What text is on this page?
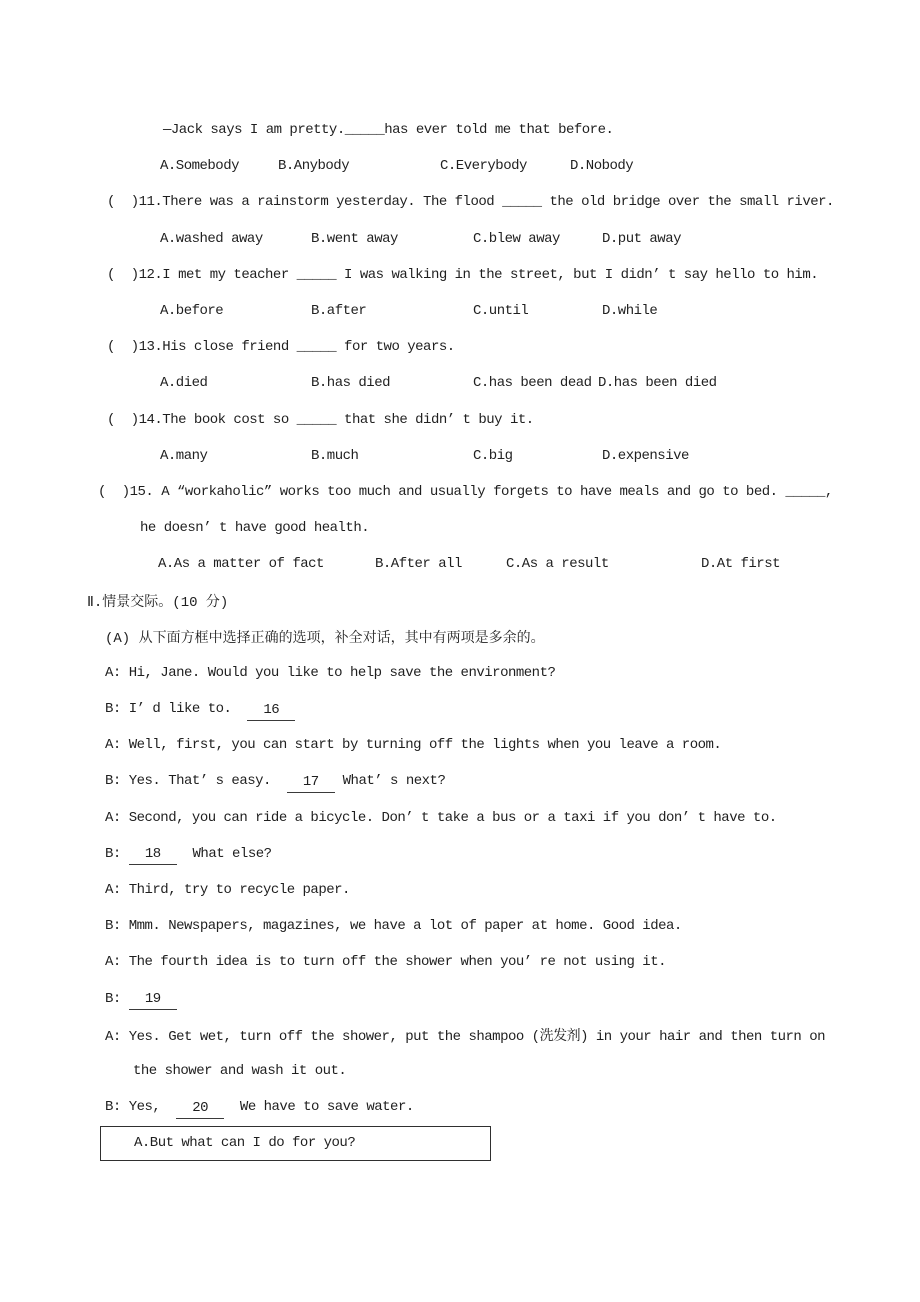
—Jack says I am pretty._____has ever told me that before.
A.Somebody	B.Anybody	C.Everybody	D.Nobody
(  )11.There was a rainstorm yesterday. The flood _____ the old bridge over the small river.
A.washed away	B.went away	C.blew away	D.put away
(  )12.I met my teacher _____ I was walking in the street, but I didn’ t say hello to him.
A.before	B.after	C.until	D.while
(  )13.His close friend _____ for two years.
A.died	B.has died	C.has been dead D.has been died
(  )14.The book cost so _____ that she didn’ t buy it.
A.many	B.much	C.big	D.expensive
(  )15. A “workaholic” works too much and usually forgets to have meals and go to bed. _____,
he doesn’ t have good health.
A.As a matter of fact	B.After all	C.As a result	D.At first
Ⅱ.情景交际。(10 分)
(A) 从下面方框中选择正确的选项，补全对话，其中有两项是多余的。
A: Hi, Jane. Would you like to help save the environment?
B: I’ d like to.	16
A: Well, first, you can start by turning off the lights when you leave a room.
B: Yes. That’ s easy.	17	What’ s next?
A: Second, you can ride a bicycle. Don’ t take a bus or a taxi if you don’ t have to.
B:	18	What else?
A: Third, try to recycle paper.
B: Mmm. Newspapers, magazines, we have a lot of paper at home. Good idea.
A: The fourth idea is to turn off the shower when you’ re not using it.
B:	19
A: Yes. Get wet, turn off the shower, put the shampoo (洗发剂) in your hair and then turn on
the shower and wash it out.
B: Yes,	20	We have to save water.
A.But what can I do for you?
